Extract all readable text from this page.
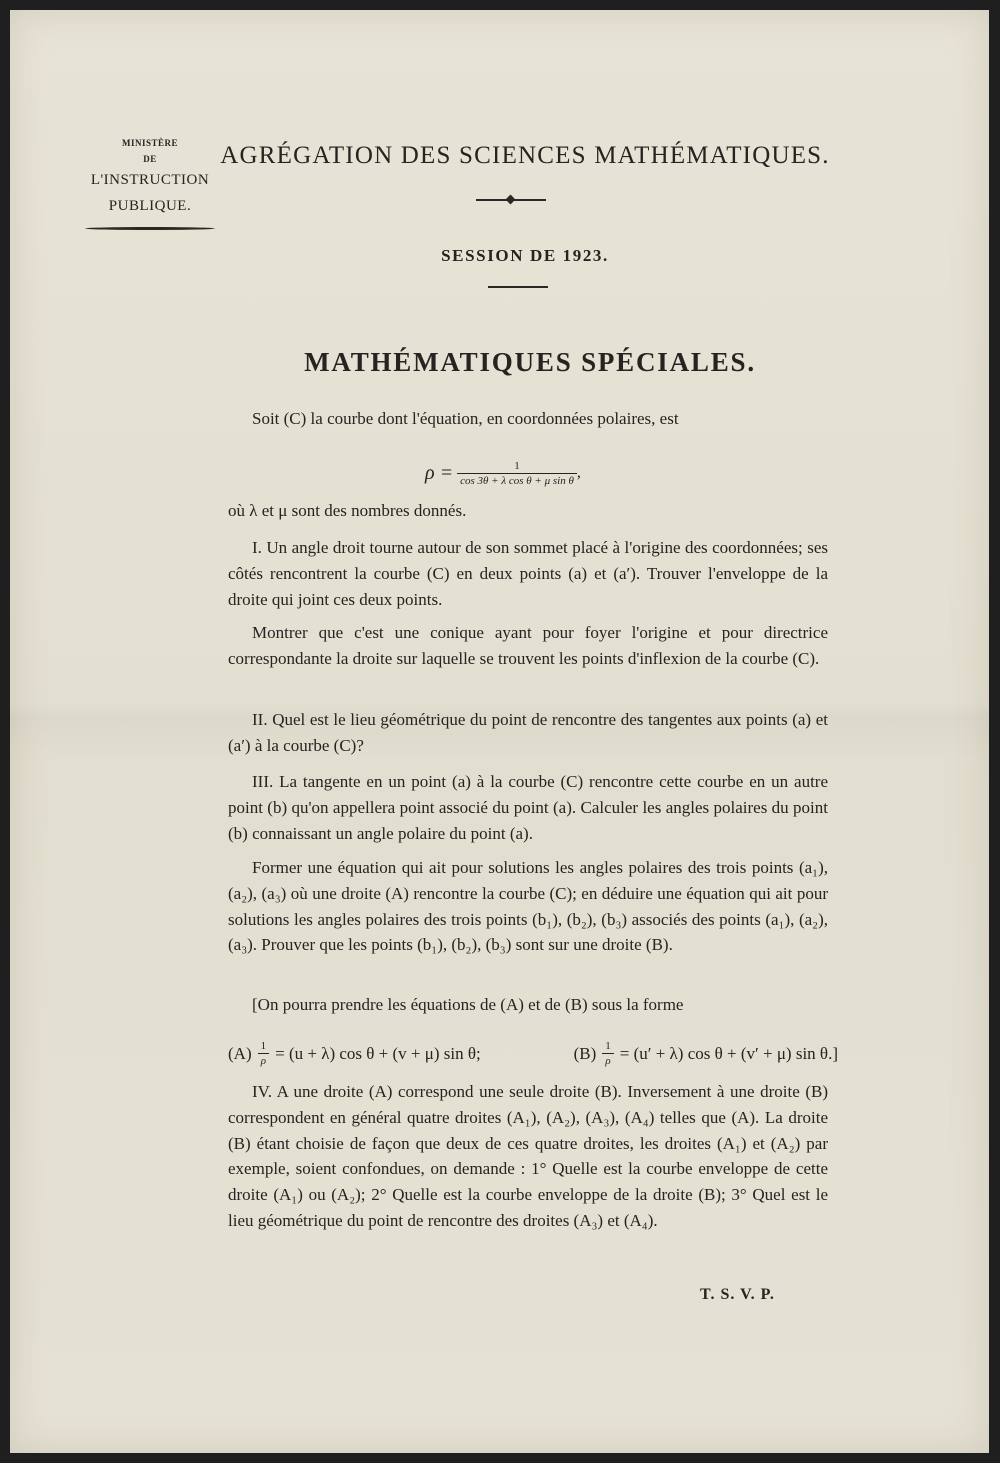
MINISTÈRE
DE
L'INSTRUCTION
PUBLIQUE.
AGRÉGATION DES SCIENCES MATHÉMATIQUES.
SESSION DE 1923.
MATHÉMATIQUES SPÉCIALES.
Soit (C) la courbe dont l'équation, en coordonnées polaires, est
$\rho = \frac{1}{\text{cos 3θ + λ cos θ + μ sin θ}}$ ,
où λ et μ sont des nombres donnés.
I. Un angle droit tourne autour de son sommet placé à l'origine des coordonnées; ses côtés rencontrent la courbe (C) en deux points (a) et (a′). Trouver l'enveloppe de la droite qui joint ces deux points.
Montrer que c'est une conique ayant pour foyer l'origine et pour directrice correspondante la droite sur laquelle se trouvent les points d'inflexion de la courbe (C).
II. Quel est le lieu géométrique du point de rencontre des tangentes aux points (a) et (a′) à la courbe (C)?
III. La tangente en un point (a) à la courbe (C) rencontre cette courbe en un autre point (b) qu'on appellera point associé du point (a). Calculer les angles polaires du point (b) connaissant un angle polaire du point (a).
Former une équation qui ait pour solutions les angles polaires des trois points (a₁), (a₂), (a₃) où une droite (A) rencontre la courbe (C); en déduire une équation qui ait pour solutions les angles polaires des trois points (b₁), (b₂), (b₃) associés des points (a₁), (a₂), (a₃). Prouver que les points (b₁), (b₂), (b₃) sont sur une droite (B).
[On pourra prendre les équations de (A) et de (B) sous la forme
$(A) \frac{1}{\rho} = (u + \lambda)$ cos θ + (v + μ) sin θ;	$(B) \frac{1}{\rho} = (u' + \lambda)$ cos θ + (v′ + μ) sin θ.]
IV. A une droite (A) correspond une seule droite (B). Inversement à une droite (B) correspondent en général quatre droites (A₁), (A₂), (A₃), (A₄) telles que (A). La droite (B) étant choisie de façon que deux de ces quatre droites, les droites (A₁) et (A₂) par exemple, soient confondues, on demande : 1° Quelle est la courbe enveloppe de cette droite (A₁) ou (A₂); 2° Quelle est la courbe enveloppe de la droite (B); 3° Quel est le lieu géométrique du point de rencontre des droites (A₃) et (A₄).
T. S. V. P.
